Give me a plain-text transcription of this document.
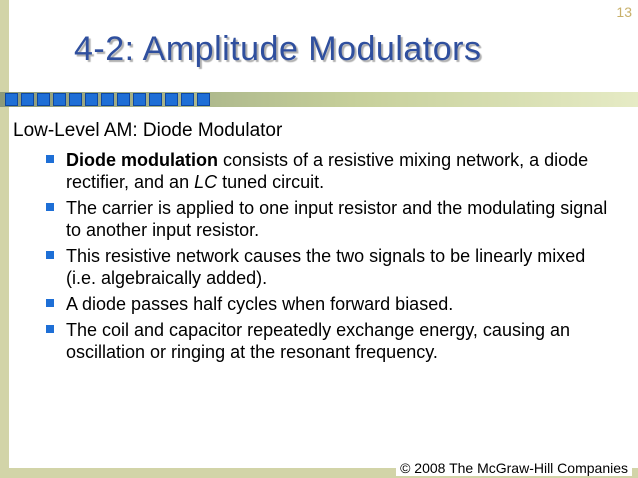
13
4-2: Amplitude Modulators
Low-Level AM: Diode Modulator
Diode modulation consists of a resistive mixing network, a diode rectifier, and an LC tuned circuit.
The carrier is applied to one input resistor and the modulating signal to another input resistor.
This resistive network causes the two signals to be linearly mixed (i.e. algebraically added).
A diode passes half cycles when forward biased.
The coil and capacitor repeatedly exchange energy, causing an oscillation or ringing at the resonant frequency.
© 2008 The McGraw-Hill Companies
